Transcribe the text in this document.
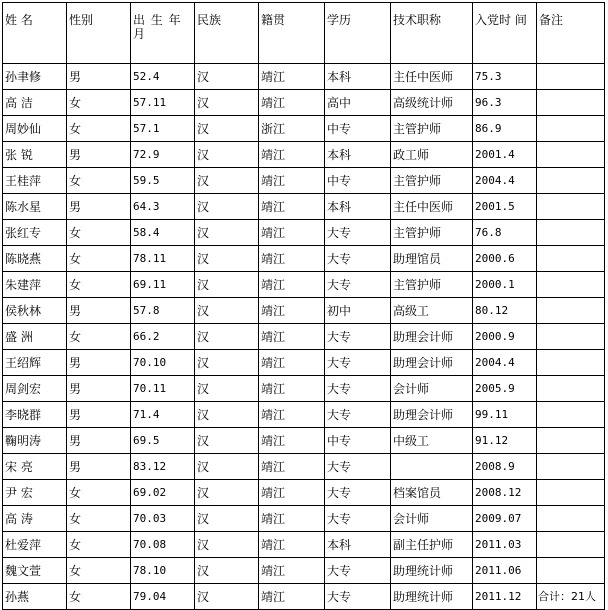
姓 名	性别	出 生 年 月	民族	籍贯	学历	技术职称	入党时 间	备注
孙聿修	男	52.4	汉	靖江	本科	主任中医师	75.3	
高 洁	女	57.11	汉	靖江	高中	高级统计师	96.3	
周妙仙	女	57.1	汉	浙江	中专	主管护师	86.9	
张 锐	男	72.9	汉	靖江	本科	政工师	2001.4	
王桂萍	女	59.5	汉	靖江	中专	主管护师	2004.4	
陈水星	男	64.3	汉	靖江	本科	主任中医师	2001.5	
张红专	女	58.4	汉	靖江	大专	主管护师	76.8	
陈晓燕	女	78.11	汉	靖江	大专	助理馆员	2000.6	
朱建萍	女	69.11	汉	靖江	大专	主管护师	2000.1	
侯秋林	男	57.8	汉	靖江	初中	高级工	80.12	
盛 洲	女	66.2	汉	靖江	大专	助理会计师	2000.9	
王绍辉	男	70.10	汉	靖江	大专	助理会计师	2004.4	
周剑宏	男	70.11	汉	靖江	大专	会计师	2005.9	
李晓群	男	71.4	汉	靖江	大专	助理会计师	99.11	
鞠明涛	男	69.5	汉	靖江	中专	中级工	91.12	
宋 亮	男	83.12	汉	靖江	大专		2008.9	
尹 宏	女	69.02	汉	靖江	大专	档案馆员	2008.12	
高 涛	女	70.03	汉	靖江	大专	会计师	2009.07	
杜爱萍	女	70.08	汉	靖江	本科	副主任护师	2011.03	
魏文萱	女	78.10	汉	靖江	大专	助理统计师	2011.06	
孙燕	女	79.04	汉	靖江	大专	助理统计师	2011.12	合计：21人
